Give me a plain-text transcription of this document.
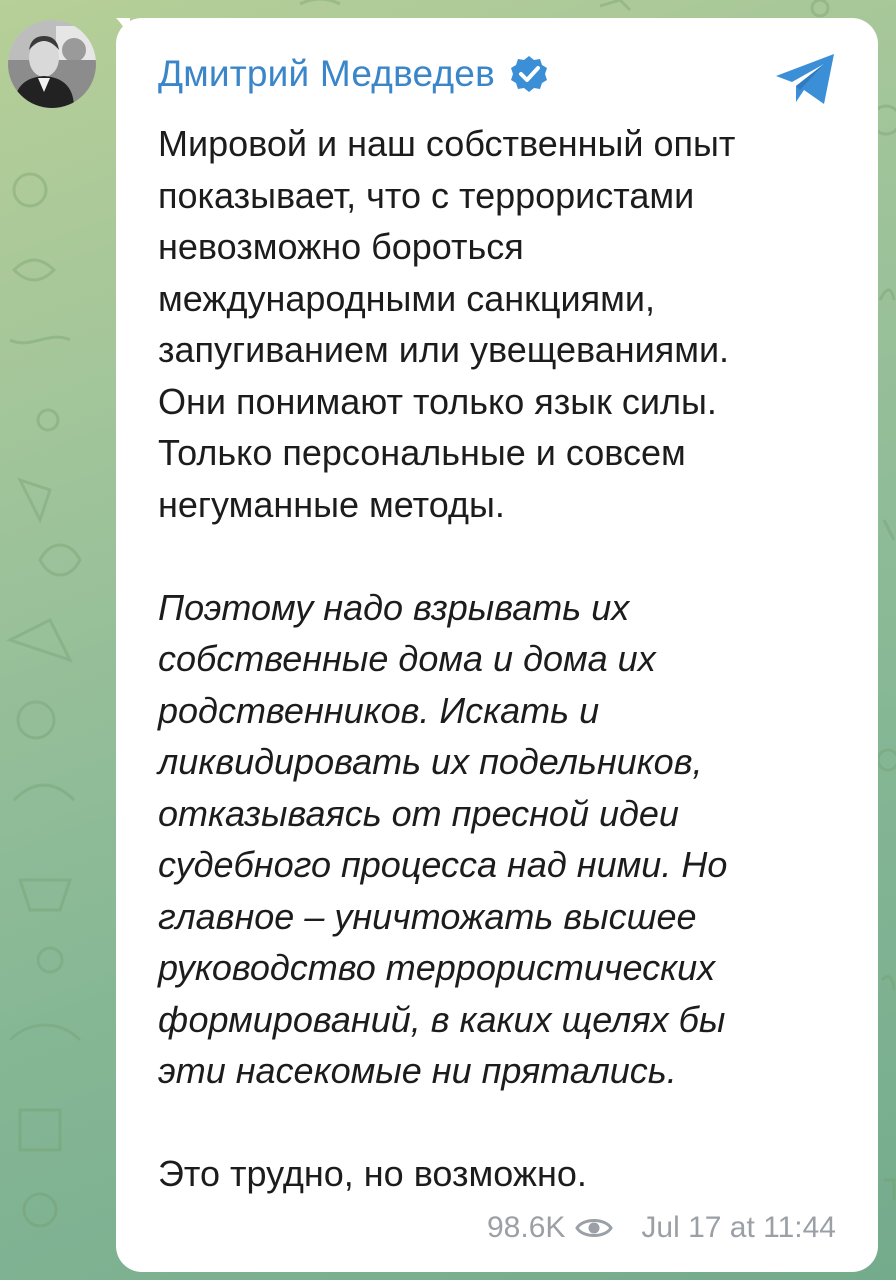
Дмитрий Медведев
Мировой и наш собственный опыт
показывает, что с террористами
невозможно бороться
международными санкциями,
запугиванием или увещеваниями.
Они понимают только язык силы.
Только персональные и совсем
негуманные методы.
Поэтому надо взрывать их
собственные дома и дома их
родственников. Искать и
ликвидировать их подельников,
отказываясь от пресной идеи
судебного процесса над ними. Но
главное – уничтожать высшее
руководство террористических
формирований, в каких щелях бы
эти насекомые ни прятались.
Это трудно, но возможно.
98.6K	Jul 17 at 11:44
